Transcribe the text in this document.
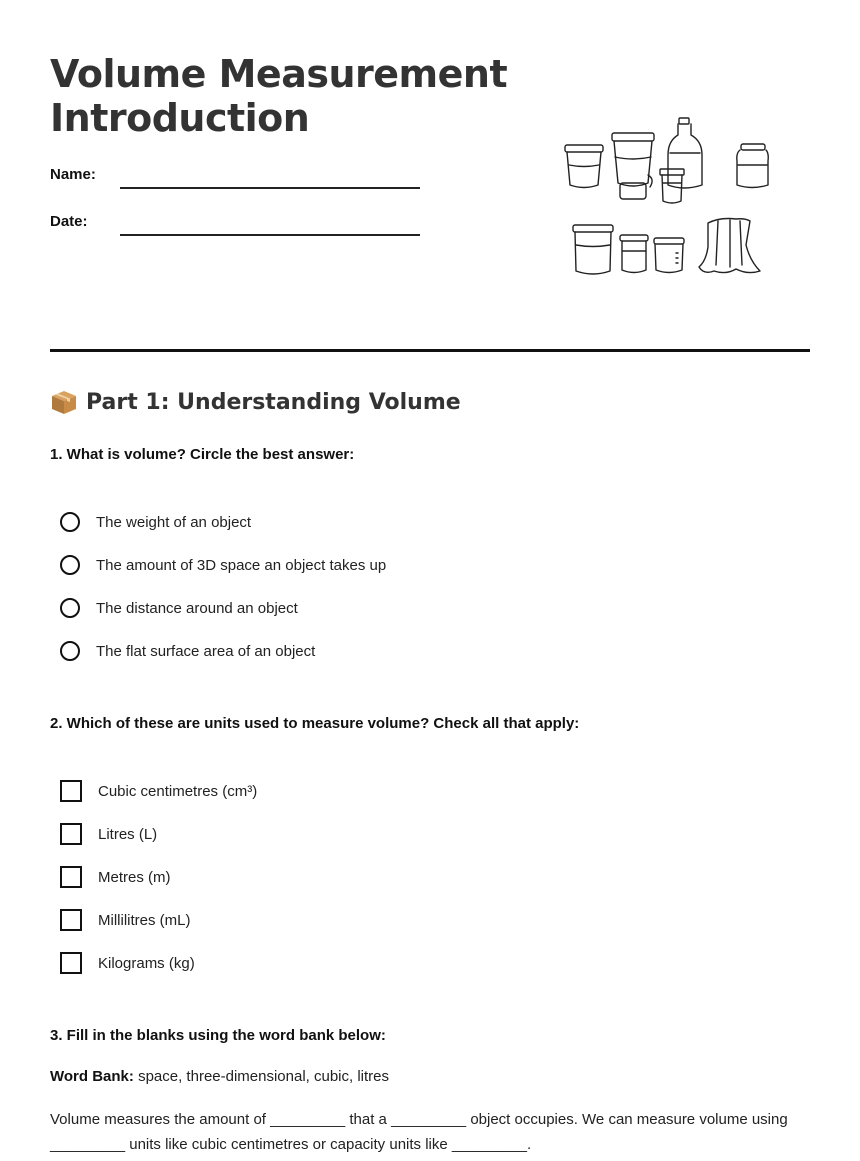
Volume Measurement
Introduction
Name:
Date:
Part 1: Understanding Volume

1. What is volume? Circle the best answer:

The weight of an object
The amount of 3D space an object takes up
The distance around an object
The flat surface area of an object

2. Which of these are units used to measure volume? Check all that apply:

Cubic centimetres (cm³)
Litres (L)
Metres (m)
Millilitres (mL)
Kilograms (kg)

3. Fill in the blanks using the word bank below:

Word Bank: space, three-dimensional, cubic, litres

Volume measures the amount of _________ that a _________ object occupies. We can measure volume using _________ units like cubic centimetres or capacity units like _________.
